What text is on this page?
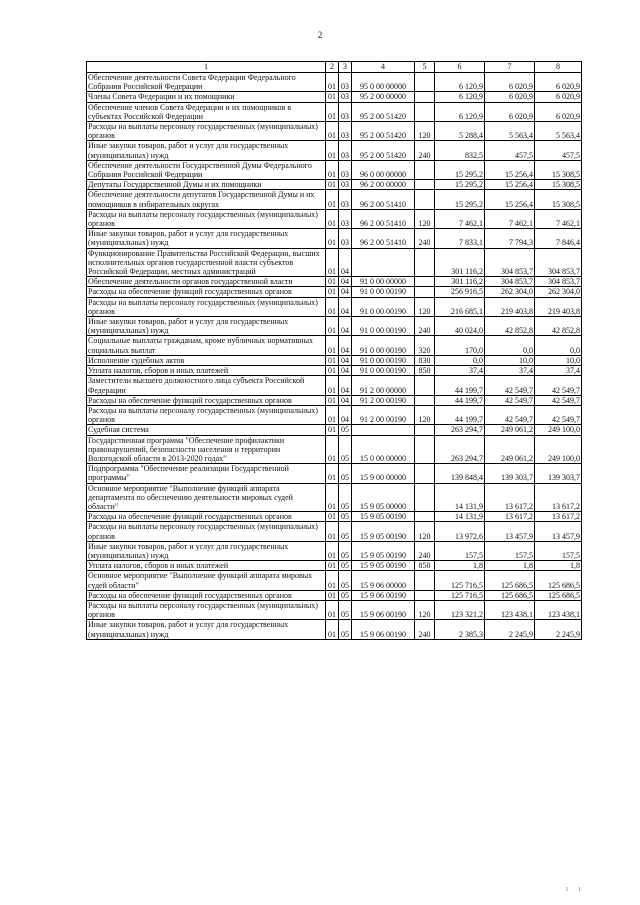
2
1	2	3	4	5	6	7	8
Обеспечение деятельности Совета Федерации Федерального Собрания Российской Федерации	01	03	95 0 00 00000		6 120,9	6 020,9	6 020,9
Члены Совета Федерации и их помощники	01	03	95 2 00 00000		6 120,9	6 020,9	6 020,9
Обеспечение членов Совета Федерации и их помощников в субъектах Российской Федерации	01	03	95 2 00 51420		6 120,9	6 020,9	6 020,9
Расходы на выплаты персоналу государственных (муниципальных) органов	01	03	95 2 00 51420	120	5 288,4	5 563,4	5 563,4
Иные закупки товаров, работ и услуг для государственных (муниципальных) нужд	01	03	95 2 00 51420	240	832,5	457,5	457,5
Обеспечение деятельности Государственной Думы Федерального Собрания Российской Федерации	01	03	96 0 00 00000		15 295,2	15 256,4	15 308,5
Депутаты Государственной Думы и их помощники	01	03	96 2 00 00000		15 295,2	15 256,4	15 308,5
Обеспечение деятельности депутатов Государственной Думы и их помощников в избирательных округах	01	03	96 2 00 51410		15 295,2	15 256,4	15 308,5
Расходы на выплаты персоналу государственных (муниципальных) органов	01	03	96 2 00 51410	120	7 462,1	7 462,1	7 462,1
Иные закупки товаров, работ и услуг для государственных (муниципальных) нужд	01	03	96 2 00 51410	240	7 833,1	7 794,3	7 846,4
Функционирование Правительства Российской Федерации, высших исполнительных органов государственной власти субъектов Российской Федерации, местных администраций	01	04			301 116,2	304 853,7	304 853,7
Обеспечение деятельности органов государственной власти	01	04	91 0 00 00000		301 116,2	304 853,7	304 853,7
Расходы на обеспечение функций государственных органов	01	04	91 0 00 00190		256 916,5	262 304,0	262 304,0
Расходы на выплаты персоналу государственных (муниципальных) органов	01	04	91 0 00 00190	120	216 685,1	219 403,8	219 403,8
Иные закупки товаров, работ и услуг для государственных (муниципальных) нужд	01	04	91 0 00 00190	240	40 024,0	42 852,8	42 852,8
Социальные выплаты гражданам, кроме публичных нормативных социальных выплат	01	04	91 0 00 00190	320	170,0	0,0	0,0
Исполнение судебных актов	01	04	91 0 00 00190	830	0,0	10,0	10,0
Уплата налогов, сборов и иных платежей	01	04	91 0 00 00190	850	37,4	37,4	37,4
Заместители высшего должностного лица субъекта Российской Федерации	01	04	91 2 00 00000		44 199,7	42 549,7	42 549,7
Расходы на обеспечение функций государственных органов	01	04	91 2 00 00190		44 199,7	42 549,7	42 549,7
Расходы на выплаты персоналу государственных (муниципальных) органов	01	04	91 2 00 00190	120	44 199,7	42 549,7	42 549,7
Судебная система	01	05			263 294,7	249 061,2	249 100,0
Государственная программа "Обеспечение профилактики правонарушений, безопасности населения и территории Вологодской области в 2013-2020 годах"	01	05	15 0 00 00000		263 294,7	249 061,2	249 100,0
Подпрограмма "Обеспечение реализации Государственной программы"	01	05	15 9 00 00000		139 848,4	139 303,7	139 303,7
Основное мероприятие "Выполнение функций аппарата департамента по обеспечению деятельности мировых судей области"	01	05	15 9 05 00000		14 131,9	13 617,2	13 617,2
Расходы на обеспечение функций государственных органов	01	05	15 9 05 00190		14 131,9	13 617,2	13 617,2
Расходы на выплаты персоналу государственных (муниципальных) органов	01	05	15 9 05 00190	120	13 972,6	13 457,9	13 457,9
Иные закупки товаров, работ и услуг для государственных (муниципальных) нужд	01	05	15 9 05 00190	240	157,5	157,5	157,5
Уплата налогов, сборов и иных платежей	01	05	15 9 05 00190	850	1,8	1,8	1,8
Основное мероприятие "Выполнение функций аппарата мировых судей области"	01	05	15 9 06 00000		125 716,5	125 686,5	125 686,5
Расходы на обеспечение функций государственных органов	01	05	15 9 06 00190		125 716,5	125 686,5	125 686,5
Расходы на выплаты персоналу государственных (муниципальных) органов	01	05	15 9 06 00190	120	123 321,2	123 438,1	123 438,1
Иные закупки товаров, работ и услуг для государственных (муниципальных) нужд	01	05	15 9 06 00190	240	2 385,3	2 245,9	2 245,9
ı ı
